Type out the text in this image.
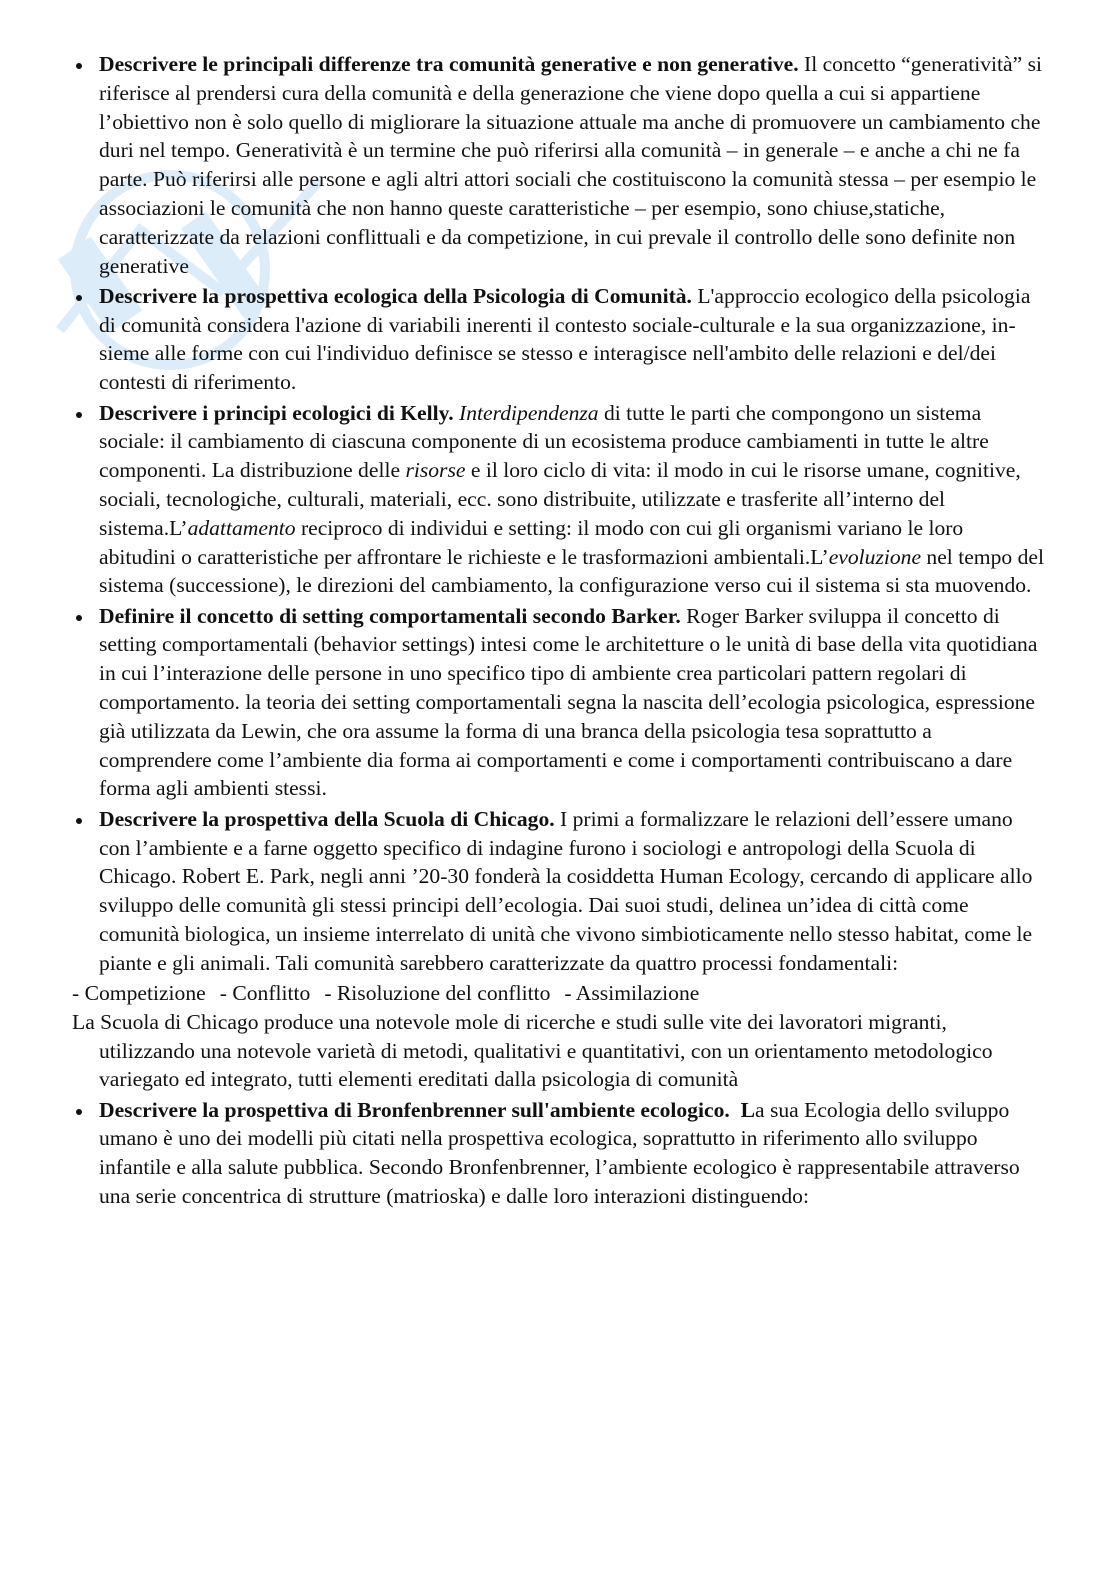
Descrivere le principali differenze tra comunità generative e non generative. Il concetto “generatività” si riferisce al prendersi cura della comunità e della generazione che viene dopo quella a cui si appartiene l’obiettivo non è solo quello di migliorare la situazione attuale ma anche di promuovere un cambiamento che duri nel tempo. Generatività è un termine che può riferirsi alla comunità – in generale – e anche a chi ne fa parte. Può riferirsi alle persone e agli altri attori sociali che costituiscono la comunità stessa – per esempio le associazioni le comunità che non hanno queste caratteristiche – per esempio, sono chiuse,statiche, caratterizzate da relazioni conflittuali e da competizione, in cui prevale il controllo delle sono definite non generative
Descrivere la prospettiva ecologica della Psicologia di Comunità. L'approccio ecologico della psicologia di comunità considera l'azione di variabili inerenti il contesto sociale-culturale e la sua organizzazione, in- sieme alle forme con cui l'individuo definisce se stesso e interagisce nell'ambito delle relazioni e del/dei contesti di riferimento.
Descrivere i principi ecologici di Kelly. Interdipendenza di tutte le parti che compongono un sistema sociale: il cambiamento di ciascuna componente di un ecosistema produce cambiamenti in tutte le altre componenti. La distribuzione delle risorse e il loro ciclo di vita: il modo in cui le risorse umane, cognitive, sociali, tecnologiche, culturali, materiali, ecc. sono distribuite, utilizzate e trasferite all’interno del sistema.L’adattamento reciproco di individui e setting: il modo con cui gli organismi variano le loro abitudini o caratteristiche per affrontare le richieste e le trasformazioni ambientali.L’evoluzione nel tempo del sistema (successione), le direzioni del cambiamento, la configurazione verso cui il sistema si sta muovendo.
Definire il concetto di setting comportamentali secondo Barker. Roger Barker sviluppa il concetto di setting comportamentali (behavior settings) intesi come le architetture o le unità di base della vita quotidiana in cui l’interazione delle persone in uno specifico tipo di ambiente crea particolari pattern regolari di comportamento. la teoria dei setting comportamentali segna la nascita dell’ecologia psicologica, espressione già utilizzata da Lewin, che ora assume la forma di una branca della psicologia tesa soprattutto a comprendere come l’ambiente dia forma ai comportamenti e come i comportamenti contribuiscano a dare forma agli ambienti stessi.
Descrivere la prospettiva della Scuola di Chicago. I primi a formalizzare le relazioni dell’essere umano con l’ambiente e a farne oggetto specifico di indagine furono i sociologi e antropologi della Scuola di Chicago. Robert E. Park, negli anni ’20-30 fonderà la cosiddetta Human Ecology, cercando di applicare allo sviluppo delle comunità gli stessi principi dell’ecologia. Dai suoi studi, delinea un’idea di città come comunità biologica, un insieme interrelato di unità che vivono simbioticamente nello stesso habitat, come le piante e gli animali. Tali comunità sarebbero caratterizzate da quattro processi fondamentali:

- Competizione - Conflitto - Risoluzione del conflitto - Assimilazione

La Scuola di Chicago produce una notevole mole di ricerche e studi sulle vite dei lavoratori migranti, utilizzando una notevole varietà di metodi, qualitativi e quantitativi, con un orientamento metodologico variegato ed integrato, tutti elementi ereditati dalla psicologia di comunità

Descrivere la prospettiva di Bronfenbrenner sull'ambiente ecologico.  La sua Ecologia dello sviluppo umano è uno dei modelli più citati nella prospettiva ecologica, soprattutto in riferimento allo sviluppo infantile e alla salute pubblica. Secondo Bronfenbrenner, l’ambiente ecologico è rappresentabile attraverso una serie concentrica di strutture (matrioska) e dalle loro interazioni distinguendo:
